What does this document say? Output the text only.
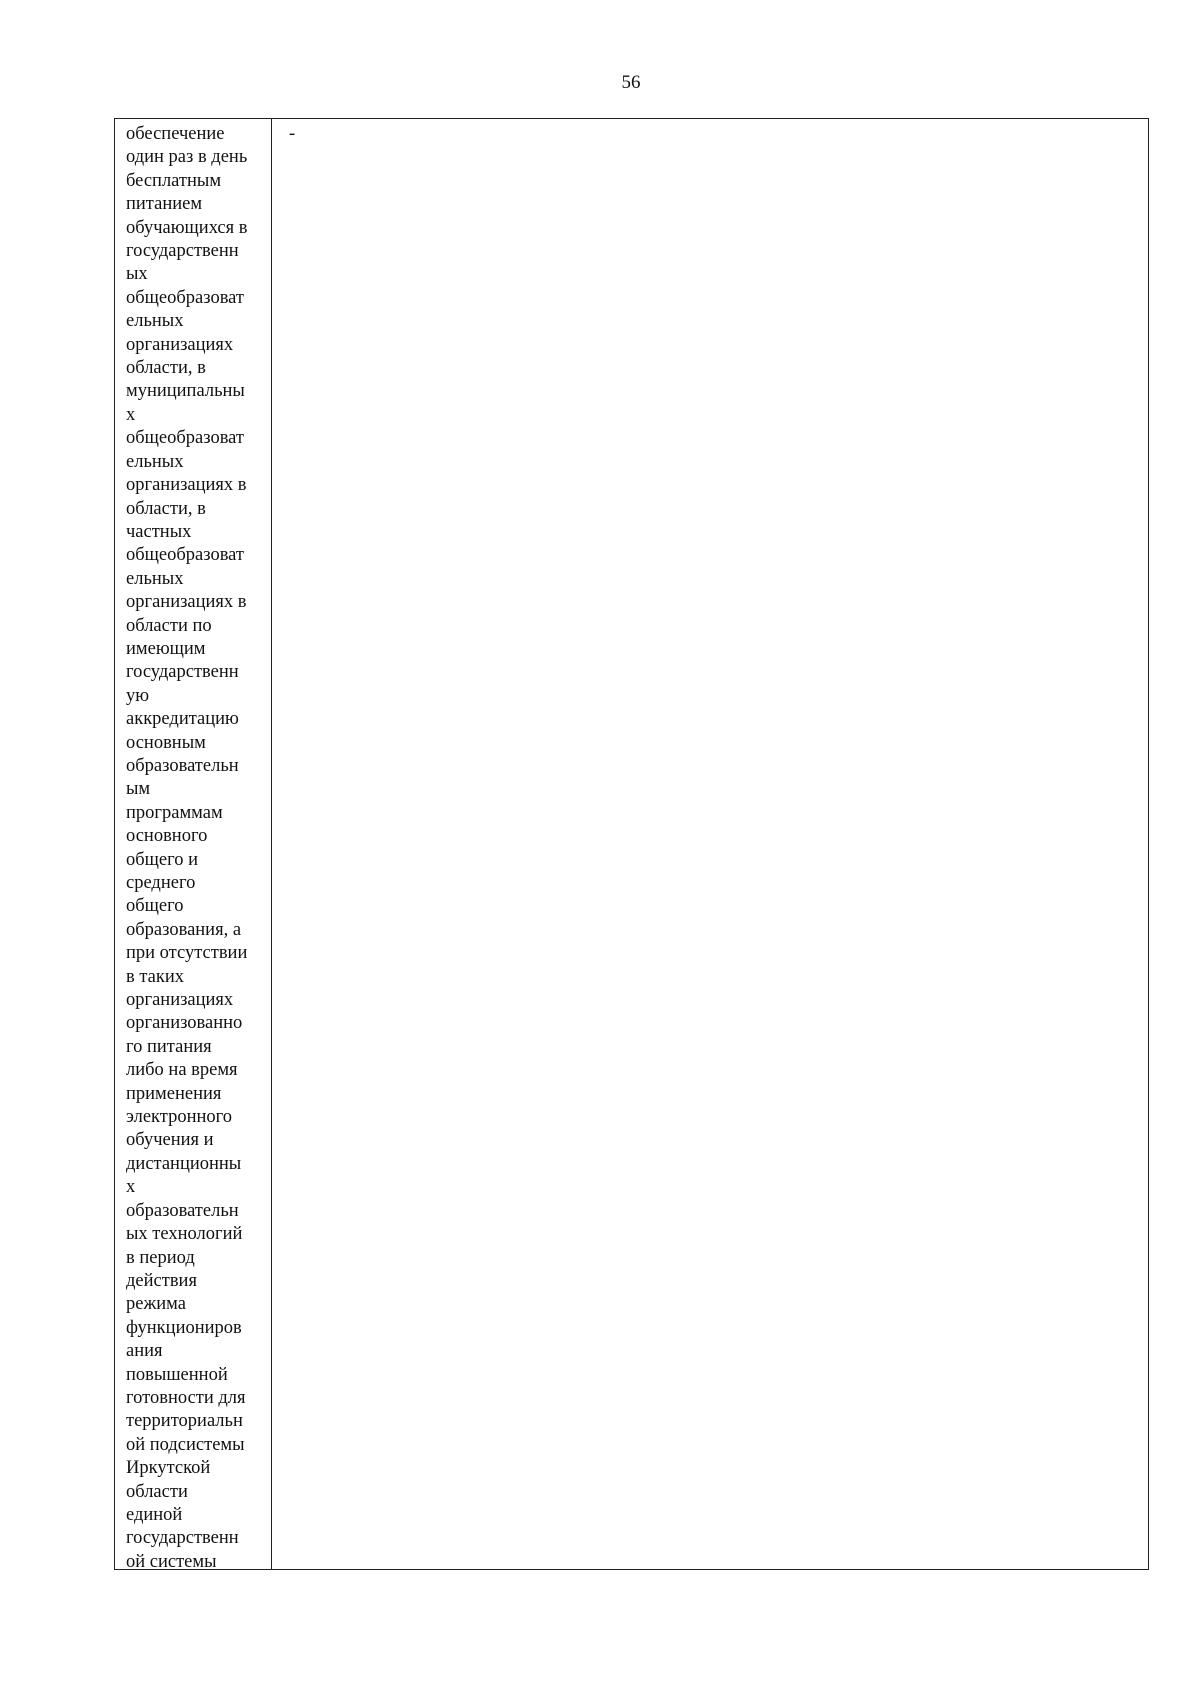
56
обеспечение
один раз в день
бесплатным
питанием
обучающихся в
государственн
ых
общеобразоват
ельных
организациях
области, в
муниципальны
х
общеобразоват
ельных
организациях в
области, в
частных
общеобразоват
ельных
организациях в
области по
имеющим
государственн
ую
аккредитацию
основным
образовательн
ым
программам
основного
общего и
среднего
общего
образования, а
при отсутствии
в таких
организациях
организованно
го питания
либо на время
применения
электронного
обучения и
дистанционны
х
образовательн
ых технологий
в период
действия
режима
функциониров
ания
повышенной
готовности для
территориальн
ой подсистемы
Иркутской
области
единой
государственн
ой системы
-
